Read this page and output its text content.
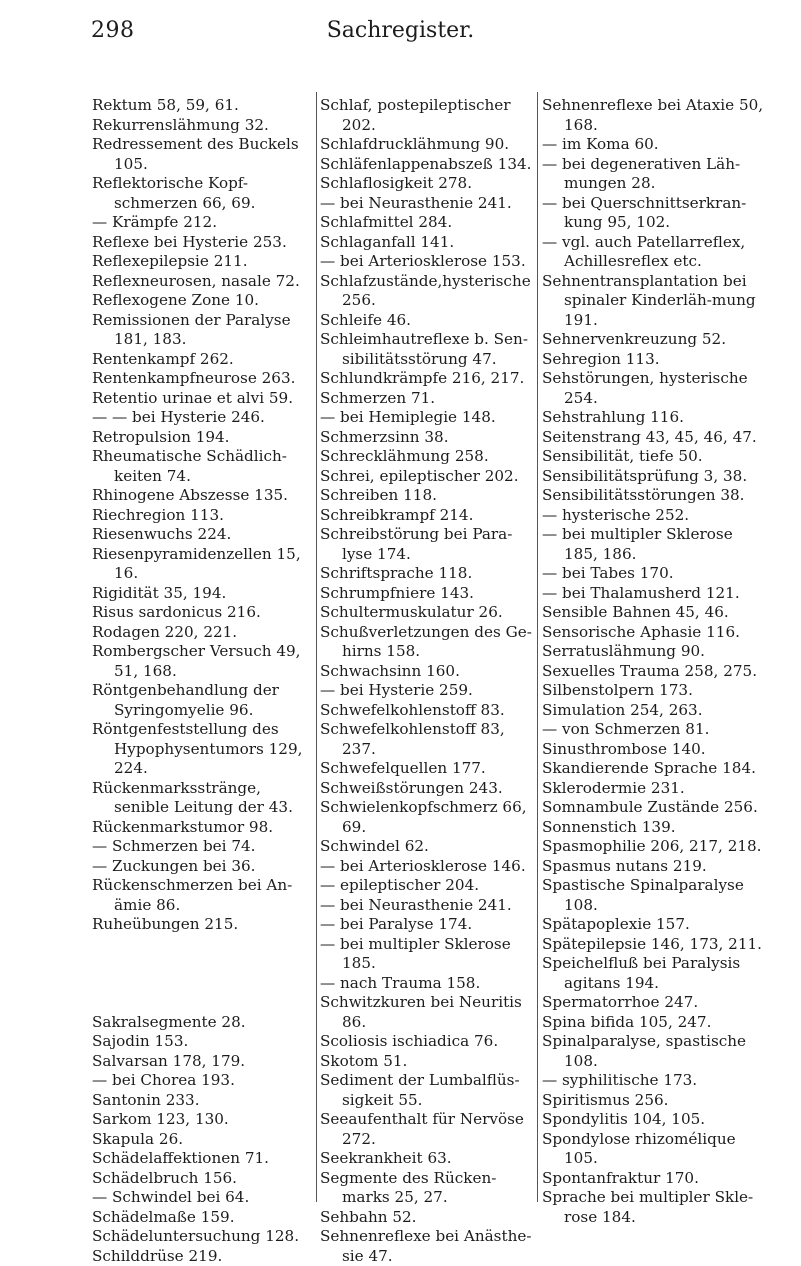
298	Sachregister.

Rektum 58, 59, 61.

Rekurrenslähmung 32.

Redressement des Buckels 105.

Reflektorische Kopf-schmerzen 66, 69.

— Krämpfe 212.

Reflexe bei Hysterie 253.

Reflexepilepsie 211.

Reflexneurosen, nasale 72.

Reflexogene Zone 10.

Remissionen der Paralyse 181, 183.

Rentenkampf 262.

Rentenkampfneurose 263.

Retentio urinae et alvi 59.

— — bei Hysterie 246.

Retropulsion 194.

Rheumatische Schädlich-keiten 74.

Rhinogene Abszesse 135.

Riechregion 113.

Riesenwuchs 224.

Riesenpyramidenzellen 15, 16.

Rigidität 35, 194.

Risus sardonicus 216.

Rodagen 220, 221.

Rombergscher Versuch 49, 51, 168.

Röntgenbehandlung der Syringomyelie 96.

Röntgenfeststellung des Hypophysentumors 129, 224.

Rückenmarksstränge, senible Leitung der 43.

Rückenmarkstumor 98.

— Schmerzen bei 74.

— Zuckungen bei 36.

Rückenschmerzen bei An-ämie 86.

Ruheübungen 215.

Sakralsegmente 28.

Sajodin 153.

Salvarsan 178, 179.

— bei Chorea 193.

Santonin 233.

Sarkom 123, 130.

Skapula 26.

Schädelaffektionen 71.

Schädelbruch 156.

— Schwindel bei 64.

Schädelmaße 159.

Schädeluntersuchung 128.

Schilddrüse 219.

Schlaf, postepileptischer 202.

Schlafdrucklähmung 90.

Schläfenlappenabszeß 134.

Schlaflosigkeit 278.

— bei Neurasthenie 241.

Schlafmittel 284.

Schlaganfall 141.

— bei Arteriosklerose 153.

Schlafzustände,hysterische 256.

Schleife 46.

Schleimhautreflexe b. Sen-sibilitätsstörung 47.

Schlundkrämpfe 216, 217.

Schmerzen 71.

— bei Hemiplegie 148.

Schmerzsinn 38.

Schrecklähmung 258.

Schrei, epileptischer 202.

Schreiben 118.

Schreibkrampf 214.

Schreibstörung bei Para-lyse 174.

Schriftsprache 118.

Schrumpfniere 143.

Schultermuskulatur 26.

Schußverletzungen des Ge-hirns 158.

Schwachsinn 160.

— bei Hysterie 259.

Schwefelkohlenstoff 83.

Schwefelkohlenstoff 83, 237.

Schwefelquellen 177.

Schweißstörungen 243.

Schwielenkopfschmerz 66, 69.

Schwindel 62.

— bei Arteriosklerose 146.

— epileptischer 204.

— bei Neurasthenie 241.

— bei Paralyse 174.

— bei multipler Sklerose 185.

— nach Trauma 158.

Schwitzkuren bei Neuritis 86.

Scoliosis ischiadica 76.

Skotom 51.

Sediment der Lumbalflüs-sigkeit 55.

Seeaufenthalt für Nervöse 272.

Seekrankheit 63.

Segmente des Rücken-marks 25, 27.

Sehbahn 52.

Sehnenreflexe bei Anästhe-sie 47.

Sehnenreflexe bei Ataxie 50, 168.

— im Koma 60.

— bei degenerativen Läh-mungen 28.

— bei Querschnittserkran-kung 95, 102.

— vgl. auch Patellarreflex, Achillesreflex etc.

Sehnentransplantation bei spinaler Kinderläh-mung 191.

Sehnervenkreuzung 52.

Sehregion 113.

Sehstörungen, hysterische 254.

Sehstrahlung 116.

Seitenstrang 43, 45, 46, 47.

Sensibilität, tiefe 50.

Sensibilitätsprüfung 3, 38.

Sensibilitätsstörungen 38.

— hysterische 252.

— bei multipler Sklerose 185, 186.

— bei Tabes 170.

— bei Thalamusherd 121.

Sensible Bahnen 45, 46.

Sensorische Aphasie 116.

Serratuslähmung 90.

Sexuelles Trauma 258, 275.

Silbenstolpern 173.

Simulation 254, 263.

— von Schmerzen 81.

Sinusthrombose 140.

Skandierende Sprache 184.

Sklerodermie 231.

Somnambule Zustände 256.

Sonnenstich 139.

Spasmophilie 206, 217, 218.

Spasmus nutans 219.

Spastische Spinalparalyse 108.

Spätapoplexie 157.

Spätepilepsie 146, 173, 211.

Speichelfluß bei Paralysis agitans 194.

Spermatorrhoe 247.

Spina bifida 105, 247.

Spinalparalyse, spastische 108.

— syphilitische 173.

Spiritismus 256.

Spondylitis 104, 105.

Spondylose rhizomélique 105.

Spontanfraktur 170.

Sprache bei multipler Skle-rose 184.
